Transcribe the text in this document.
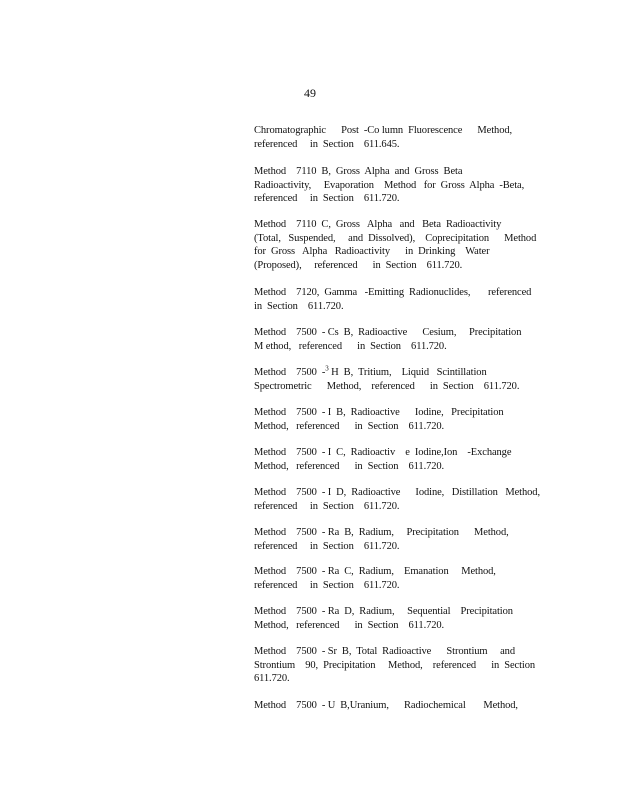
49
Chromatographic      Post  -Co lumn  Fluorescence      Method,
referenced     in  Section    611.645.
Method    7110  B,  Gross  Alpha  and  Gross  Beta
Radioactivity,     Evaporation    Method   for  Gross  Alpha  -Beta,
referenced     in  Section    611.720.
Method    7110  C,  Gross   Alpha   and   Beta  Radioactivity
(Total,   Suspended,     and  Dissolved),    Coprecipitation      Method
for  Gross   Alpha   Radioactivity      in  Drinking    Water
(Proposed),     referenced      in  Section    611.720.
Method    7120,  Gamma   -Emitting  Radionuclides,       referenced
in  Section    611.720.
Method    7500  - Cs  B,  Radioactive      Cesium,     Precipitation
M ethod,   referenced      in  Section    611.720.
Method    7500  -$^3$ H  B,  Tritium,    Liquid   Scintillation
Spectrometric      Method,    referenced      in  Section    611.720.
Method    7500  - I  B,  Radioactive      Iodine,   Precipitation
Method,   referenced      in  Section    611.720.
Method    7500  - I  C,  Radioactiv    e  Iodine,Ion    -Exchange
Method,   referenced      in  Section    611.720.
Method    7500  - I  D,  Radioactive      Iodine,   Distillation   Method,
referenced     in  Section    611.720.
Method    7500  - Ra  B,  Radium,     Precipitation      Method,
referenced     in  Section    611.720.
Method    7500  - Ra  C,  Radium,    Emanation     Method,
referenced     in  Section    611.720.
Method    7500  - Ra  D,  Radium,     Sequential    Precipitation
Method,   referenced      in  Section    611.720.
Method    7500  - Sr  B,  Total  Radioactive      Strontium     and
Strontium    90,  Precipitation     Method,    referenced      in  Section
611.720.
Method    7500  - U  B,Uranium,      Radiochemical       Method,
